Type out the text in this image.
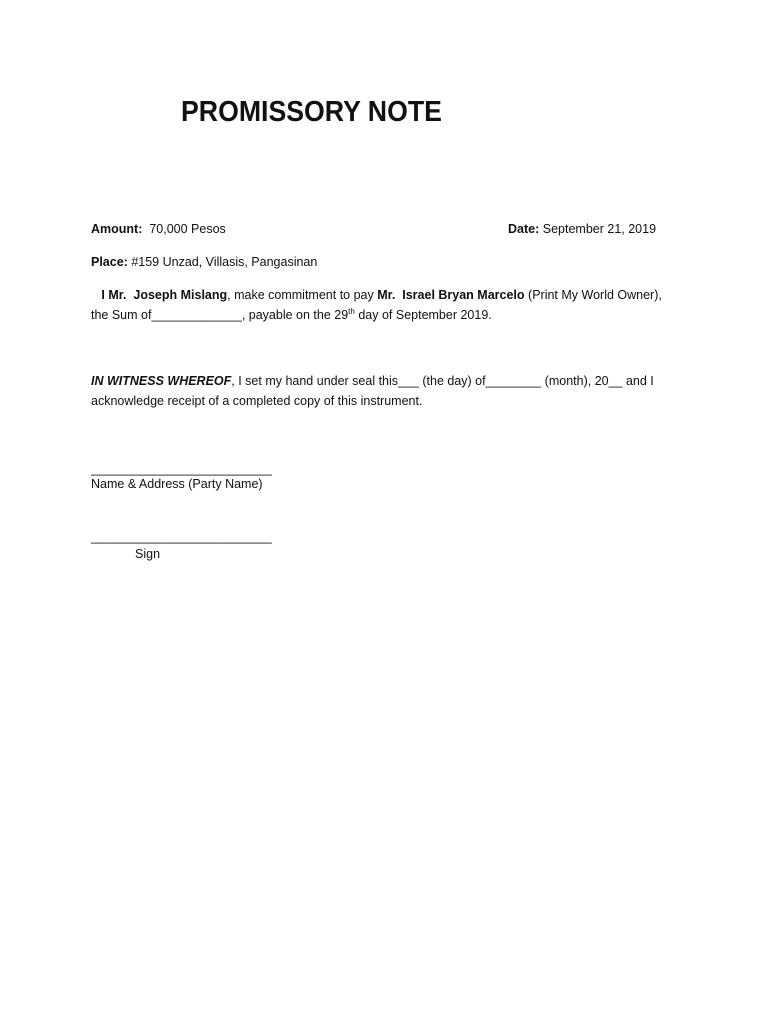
PROMISSORY NOTE
Amount: 70,000 Pesos	Date: September 21, 2019
Place: #159 Unzad, Villasis, Pangasinan
I Mr. Joseph Mislang, make commitment to pay Mr. Israel Bryan Marcelo (Print My World Owner),
the Sum of_____________, payable on the 29th day of September 2019.
IN WITNESS WHEREOF, I set my hand under seal this___ (the day) of________ (month), 20__ and I
acknowledge receipt of a completed copy of this instrument.
__________________________
Name & Address (Party Name)
__________________________
Sign
